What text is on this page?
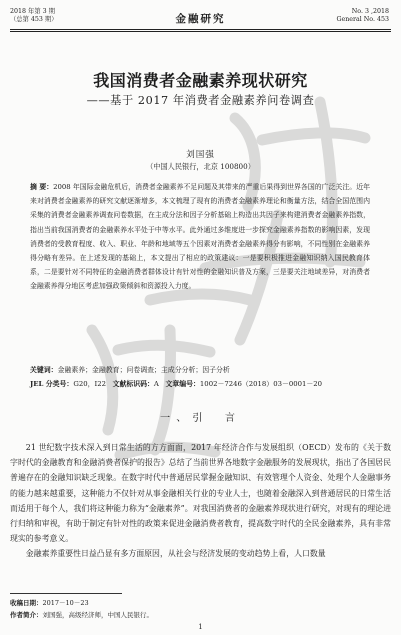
2018 年第 3 期
（总第 453 期）	金融研究
No. 3 ,2018
General No. 453
我国消费者金融素养现状研究
——基于 2017 年消费者金融素养问卷调查
刘国强
（中国人民银行，北京 100800）
摘 要：2008 年国际金融危机后，消费者金融素养不足问题及其带来的严重后果得到世界各国的广泛关注。近年来对消费者金融素养的研究文献逐渐增多，本文梳理了现有的消费者金融素养理论和衡量方法，结合全国范围内采集的消费者金融素养调查问卷数据，在主成分法和因子分析基础上构造出共因子来构建消费者金融素养指数，指出当前我国消费者的金融素养水平处于中等水平。此外通过多维度进一步探究金融素养指数的影响因素，发现消费者的受教育程度、收入、职业、年龄和地域等五个因素对消费者金融素养得分有影响，不同性别在金融素养得分略有差异。在上述发现的基础上，本文提出了相应的政策建议：一是要积极推进金融知识纳入国民教育体系，二是要针对不同特征的金融消费者群体设计有针对性的金融知识普及方案，三是要关注地域差异，对消费者金融素养得分地区考虑加强政策倾斜和资源投入力度。
关键词：金融素养；金融教育；问卷调查；主成分分析；因子分析
JEL 分类号：G20，I22 文献标识码：A 文章编号：1002－7246（2018）03－0001－20
一、引　言

21 世纪数字技术深入到日常生活的方方面面，2017 年经济合作与发展组织（OECD）发布的《关于数字时代的金融教育和金融消费者保护的报告》总结了当前世界各地数字金融服务的发展现状，指出了各国居民普遍存在的金融知识缺乏现象。在数字时代中普通居民掌握金融知识、有效管理个人资金、处理个人金融事务的能力越来越重要，这种能力不仅针对从事金融相关行业的专业人士，也随着金融深入到普通居民的日常生活而适用于每个人，我们将这种能力称为“金融素养”。对我国消费者的金融素养现状进行研究，对现有的理论进行归纳和审视，有助于制定有针对性的政策来促进金融消费者教育，提高数字时代的全民金融素养，具有非常现实的参考意义。

金融素养重要性日益凸显有多方面原因，从社会与经济发展的变动趋势上看，人口数量

收稿日期：2017－10－23
作者简介：刘国强，高级经济师，中国人民银行。
1
